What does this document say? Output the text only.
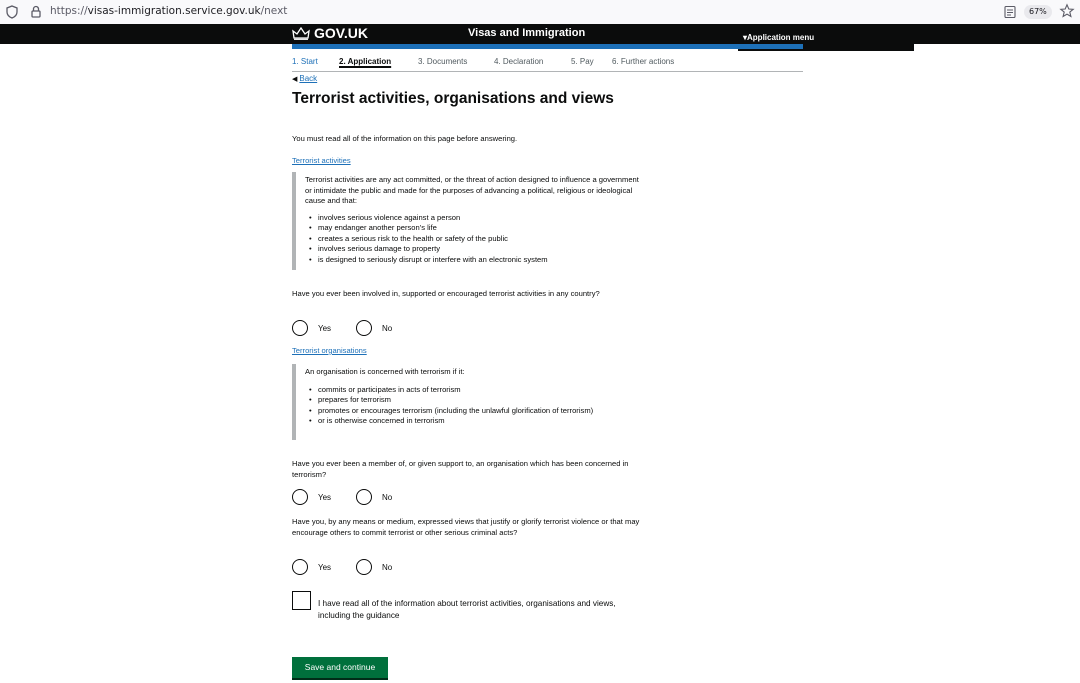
https://visas-immigration.service.gov.uk/next	67%
GOV.UK	Visas and Immigration	▾Application menu
1. Start	2. Application	3. Documents	4. Declaration	5. Pay 6. Further actions
◀ Back
Terrorist activities, organisations and views
You must read all of the information on this page before answering.
Terrorist activities

Terrorist activities are any act committed, or the threat of action designed to influence a government or intimidate the public and made for the purposes of advancing a political, religious or ideological cause and that:

• involves serious violence against a person
• may endanger another person's life
• creates a serious risk to the health or safety of the public
• involves serious damage to property
• is designed to seriously disrupt or interfere with an electronic system
Have you ever been involved in, supported or encouraged terrorist activities in any country?
Yes	No
Terrorist organisations

An organisation is concerned with terrorism if it:

• commits or participates in acts of terrorism
• prepares for terrorism
• promotes or encourages terrorism (including the unlawful glorification of terrorism)
• or is otherwise concerned in terrorism
Have you ever been a member of, or given support to, an organisation which has been concerned in terrorism?
Yes	No
Have you, by any means or medium, expressed views that justify or glorify terrorist violence or that may encourage others to commit terrorist or other serious criminal acts?
Yes	No
I have read all of the information about terrorist activities, organisations and views, including the guidance
Save and continue
